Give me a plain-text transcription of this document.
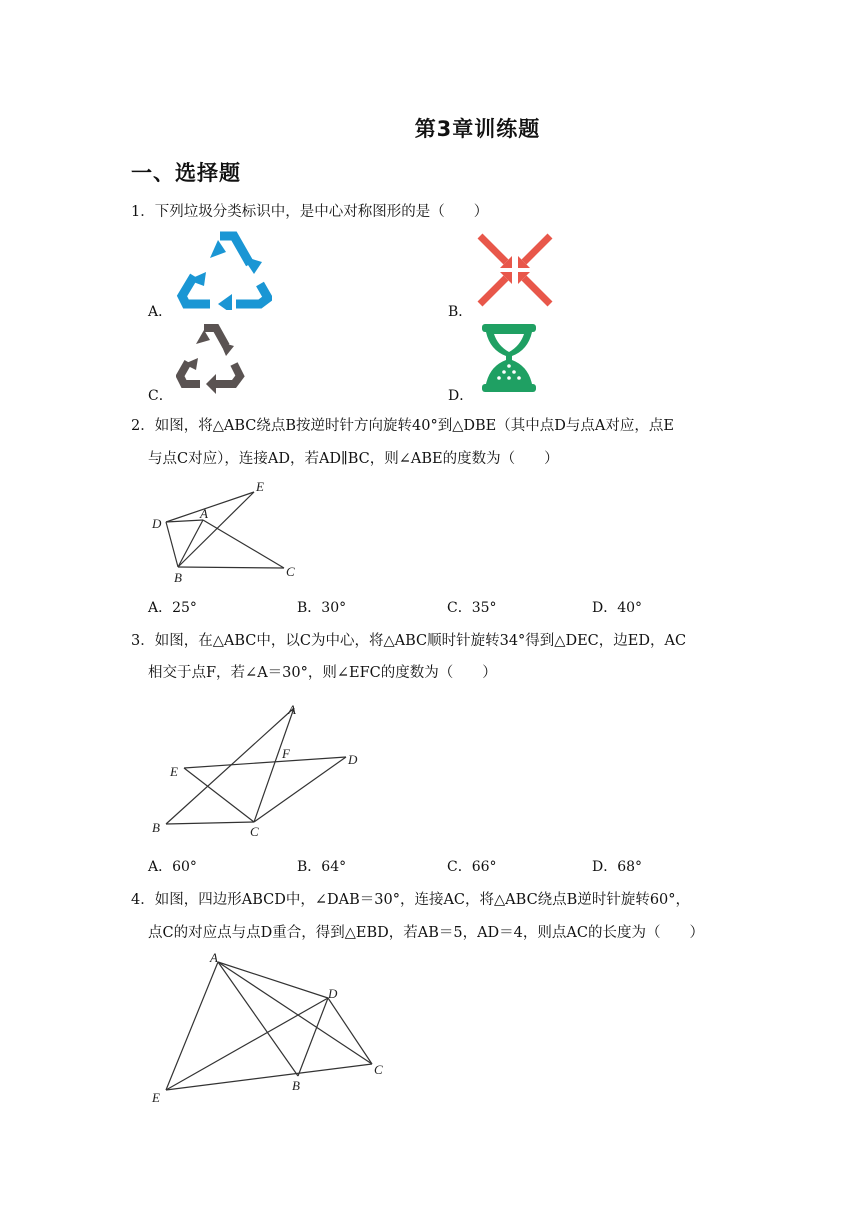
第3章训练题
一、选择题
1．下列垃圾分类标识中，是中心对称图形的是（　　）
A．	B．
C．	D．
2．如图，将△ABC绕点B按逆时针方向旋转40°到△DBE（其中点D与点A对应，点E
与点C对应），连接AD，若AD∥BC，则∠ABE的度数为（　　）
E
D
A
B	C
A．25°	B．30°	C．35°	D．40°
3．如图，在△ABC中，以C为中心，将△ABC顺时针旋转34°得到△DEC，边ED，AC
相交于点F，若∠A＝30°，则∠EFC的度数为（　　）
A
F	D
E
B	C
A．60°	B．64°	C．66°	D．68°
4．如图，四边形ABCD中，∠DAB＝30°，连接AC，将△ABC绕点B逆时针旋转60°，
点C的对应点与点D重合，得到△EBD，若AB＝5，AD＝4，则点AC的长度为（　　）
A
D
C
E
B
